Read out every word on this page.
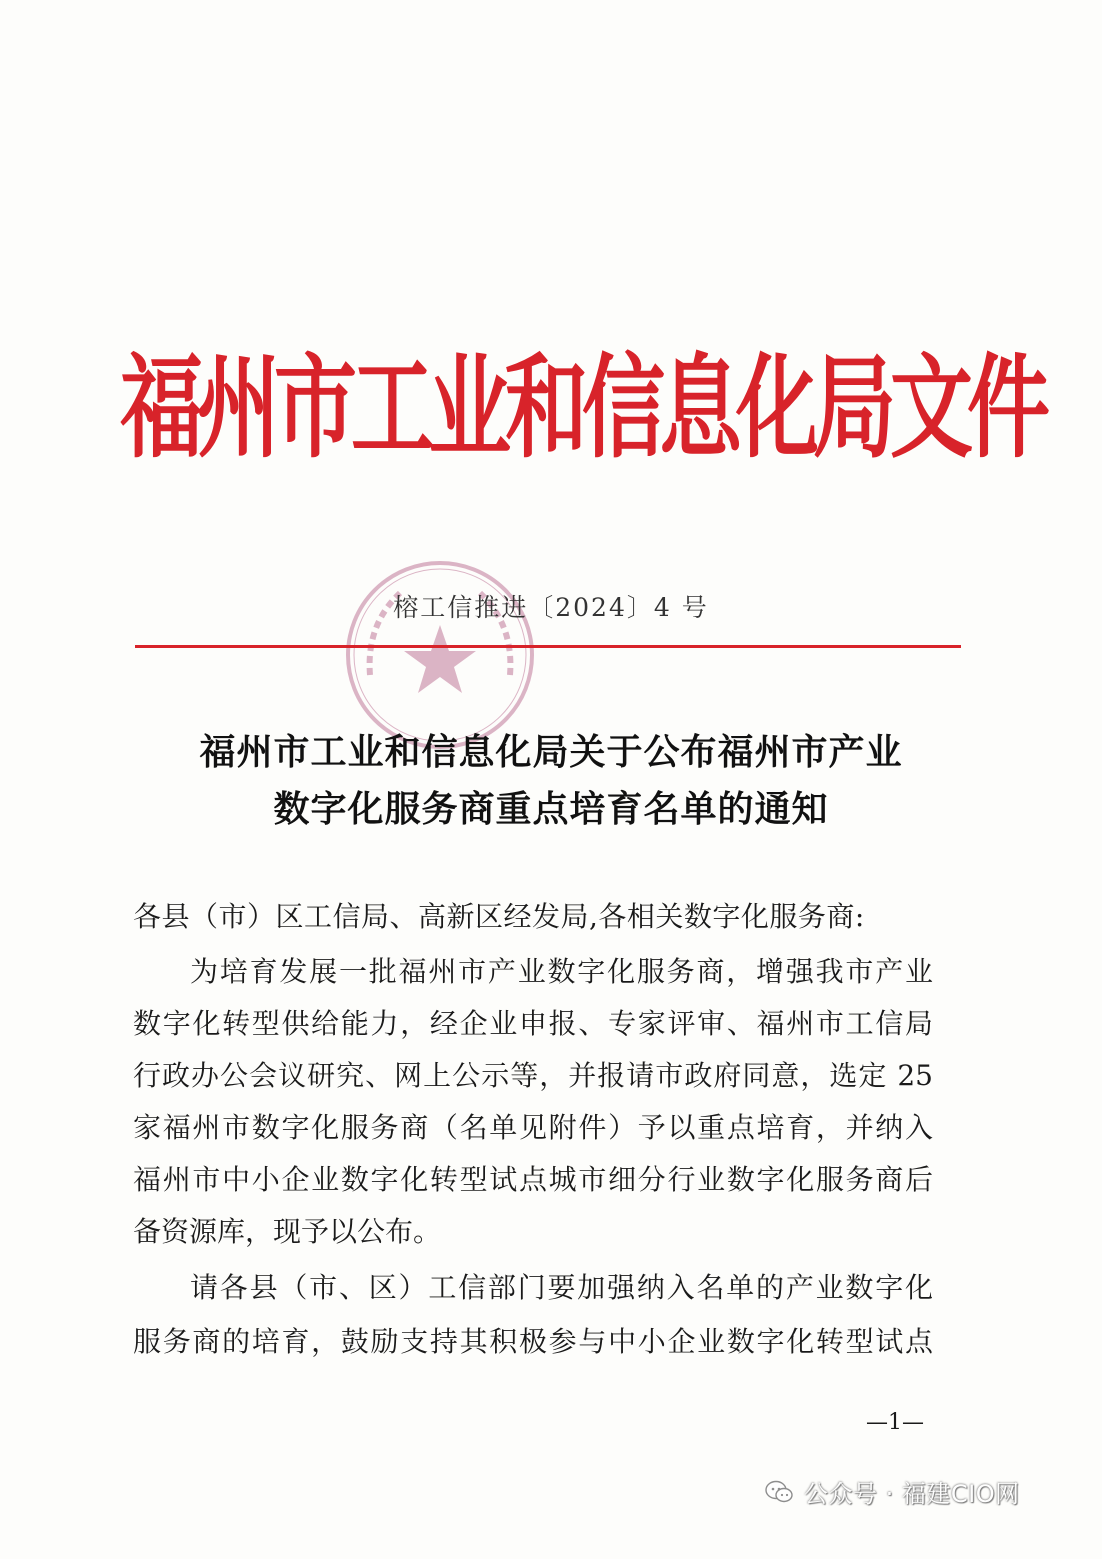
福州市工业和信息化局文件
榕工信推进〔2024〕4 号
福州市工业和信息化局关于公布福州市产业
数字化服务商重点培育名单的通知
各县（市）区工信局、高新区经发局,各相关数字化服务商:
为培育发展一批福州市产业数字化服务商，增强我市产业
数字化转型供给能力，经企业申报、专家评审、福州市工信局
行政办公会议研究、网上公示等，并报请市政府同意，选定 25
家福州市数字化服务商（名单见附件）予以重点培育，并纳入
福州市中小企业数字化转型试点城市细分行业数字化服务商后
备资源库，现予以公布。
请各县（市、区）工信部门要加强纳入名单的产业数字化
服务商的培育，鼓励支持其积极参与中小企业数字化转型试点
—1—
公众号 · 福建CIO网
